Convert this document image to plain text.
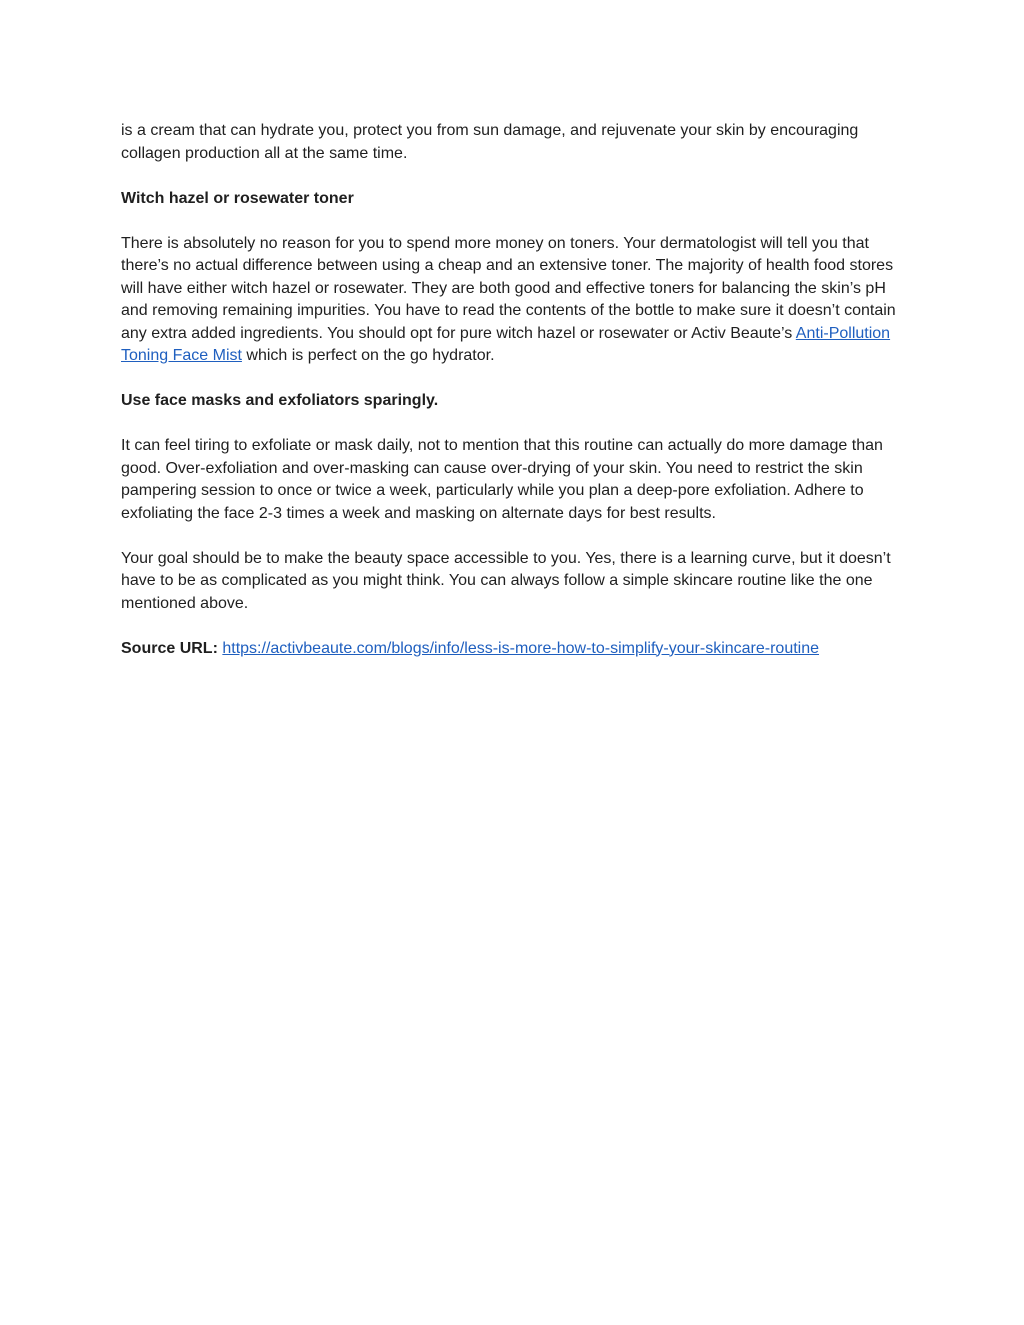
is a cream that can hydrate you, protect you from sun damage, and rejuvenate your skin by encouraging collagen production all at the same time.

Witch hazel or rosewater toner

There is absolutely no reason for you to spend more money on toners. Your dermatologist will tell you that there’s no actual difference between using a cheap and an extensive toner. The majority of health food stores will have either witch hazel or rosewater. They are both good and effective toners for balancing the skin’s pH and removing remaining impurities. You have to read the contents of the bottle to make sure it doesn’t contain any extra added ingredients. You should opt for pure witch hazel or rosewater or Activ Beaute’s Anti-Pollution Toning Face Mist which is perfect on the go hydrator.

Use face masks and exfoliators sparingly.

It can feel tiring to exfoliate or mask daily, not to mention that this routine can actually do more damage than good. Over-exfoliation and over-masking can cause over-drying of your skin. You need to restrict the skin pampering session to once or twice a week, particularly while you plan a deep-pore exfoliation. Adhere to exfoliating the face 2-3 times a week and masking on alternate days for best results.

Your goal should be to make the beauty space accessible to you. Yes, there is a learning curve, but it doesn’t have to be as complicated as you might think. You can always follow a simple skincare routine like the one mentioned above.

Source URL: https://activbeaute.com/blogs/info/less-is-more-how-to-simplify-your-skincare-routine
